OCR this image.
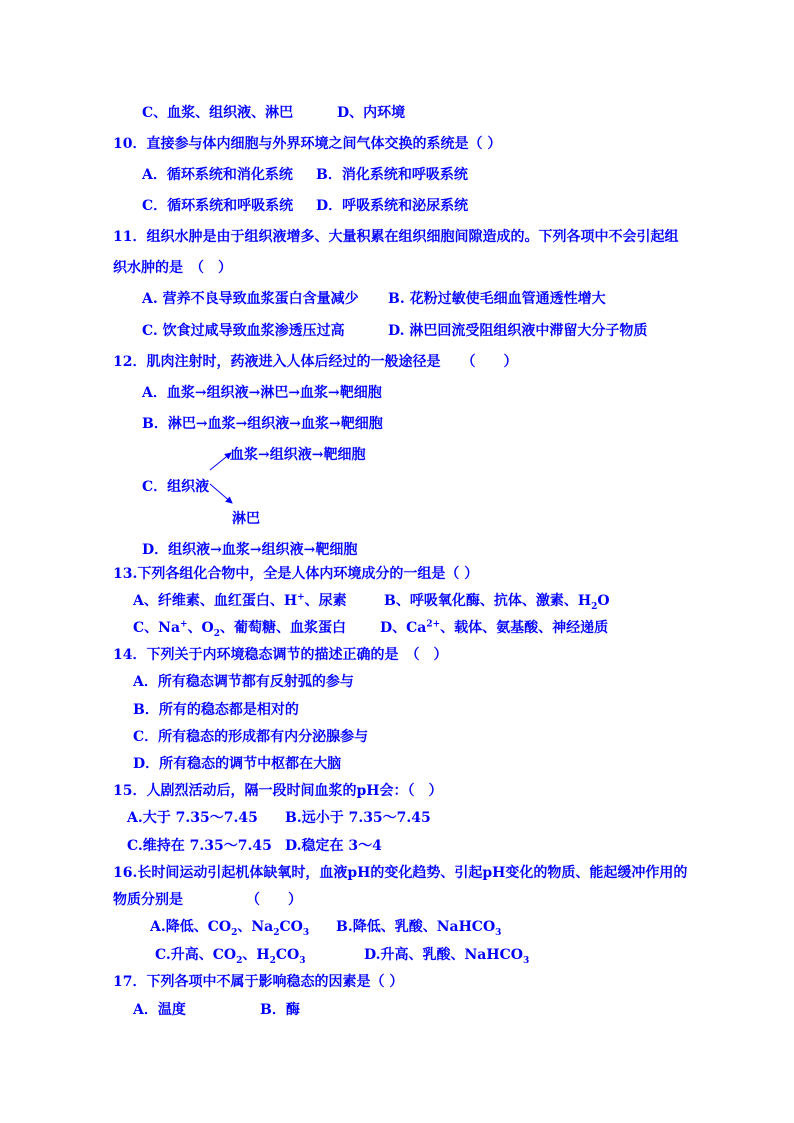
C、血浆、组织液、淋巴	D、内环境
10．直接参与体内细胞与外界环境之间气体交换的系统是（ ）
A．循环系统和消化系统 B．消化系统和呼吸系统
C．循环系统和呼吸系统 D．呼吸系统和泌尿系统
11．组织水肿是由于组织液增多、大量积累在组织细胞间隙造成的。下列各项中不会引起组
织水肿的是　（　）
A. 营养不良导致血浆蛋白含量减少 B. 花粉过敏使毛细血管通透性增大
C. 饮食过咸导致血浆渗透压过高	D. 淋巴回流受阻组织液中滞留大分子物质
12．肌肉注射时，药液进入人体后经过的一般途径是　　（　　）
A．血浆→组织液→淋巴→血浆→靶细胞
B．淋巴→血浆→组织液→血浆→靶细胞
血浆→组织液→靶细胞
C．组织液
淋巴
D．组织液→血浆→组织液→靶细胞
13.下列各组化合物中，全是人体内环境成分的一组是（ ）
A、纤维素、血红蛋白、H+、尿素	B、呼吸氧化酶、抗体、激素、$H_2O$
C、Na+、$O_2$、葡萄糖、血浆蛋白 D、$Ca^{2+}$、载体、氨基酸、神经递质
14．下列关于内环境稳态调节的描述正确的是　（　）
A．所有稳态调节都有反射弧的参与
B．所有的稳态都是相对的
C．所有稳态的形成都有内分泌腺参与
D．所有稳态的调节中枢都在大脑
15．人剧烈活动后，隔一段时间血浆的pH会：（　）
A.大于 7.35～7.45 B.远小于 7.35～7.45
C.维持在 7.35～7.45 D.稳定在 3～4
16.长时间运动引起机体缺氧时，血液pH的变化趋势、引起pH变化的物质、能起缓冲作用的
物质分别是　　　　　（　　）
A.降低、$CO_2$、$Na_2CO_3$ B.降低、乳酸、NaHCO$_3$
C.升高、$CO_2$、$H_2CO_3$	D.升高、乳酸、NaHCO$_3$
17．下列各项中不属于影响稳态的因素是（ ）
A．温度	B．酶
